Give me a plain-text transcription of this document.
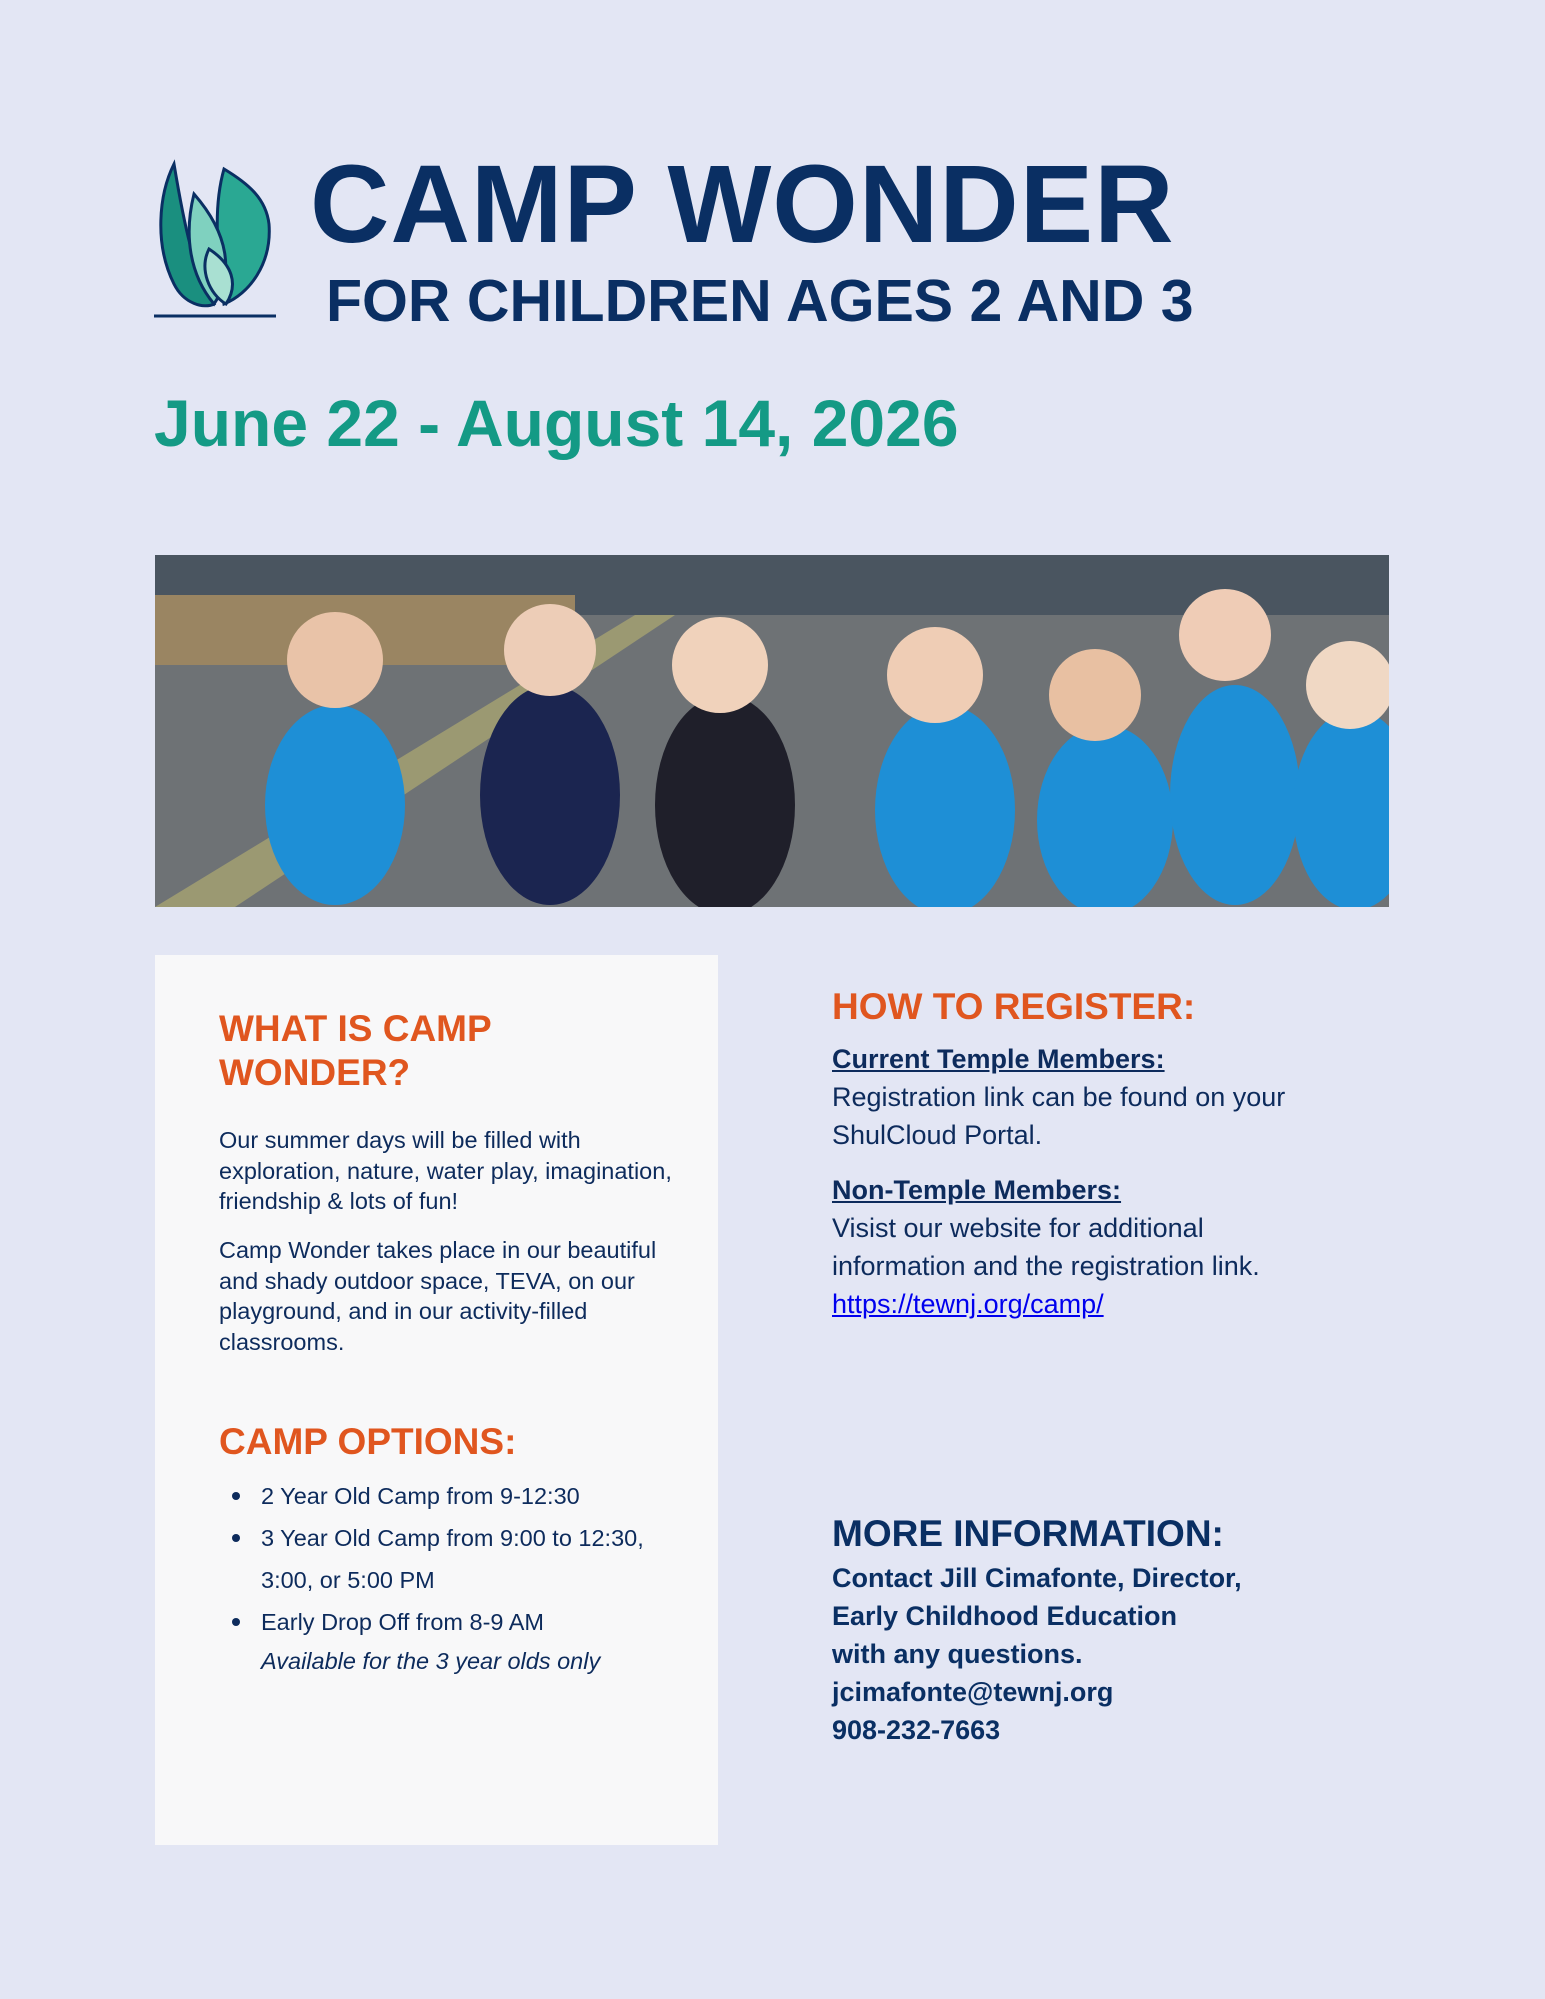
CAMP WONDER
FOR CHILDREN AGES 2 AND 3
June 22 - August 14, 2026
WHAT IS CAMP WONDER?

Our summer days will be filled with exploration, nature, water play, imagination, friendship & lots of fun!

Camp Wonder takes place in our beautiful and shady outdoor space, TEVA, on our playground, and in our activity-filled classrooms.

CAMP OPTIONS:
2 Year Old Camp from 9-12:30
3 Year Old Camp from 9:00 to 12:30, 3:00, or 5:00 PM
Early Drop Off from 8-9 AM
Available for the 3 year olds only
HOW TO REGISTER:

Current Temple Members:
Registration link can be found on your ShulCloud Portal.

Non-Temple Members:
Visist our website for additional information and the registration link. https://tewnj.org/camp/

MORE INFORMATION:

Contact Jill Cimafonte, Director,
Early Childhood Education
with any questions.
jcimafonte@tewnj.org
908-232-7663
